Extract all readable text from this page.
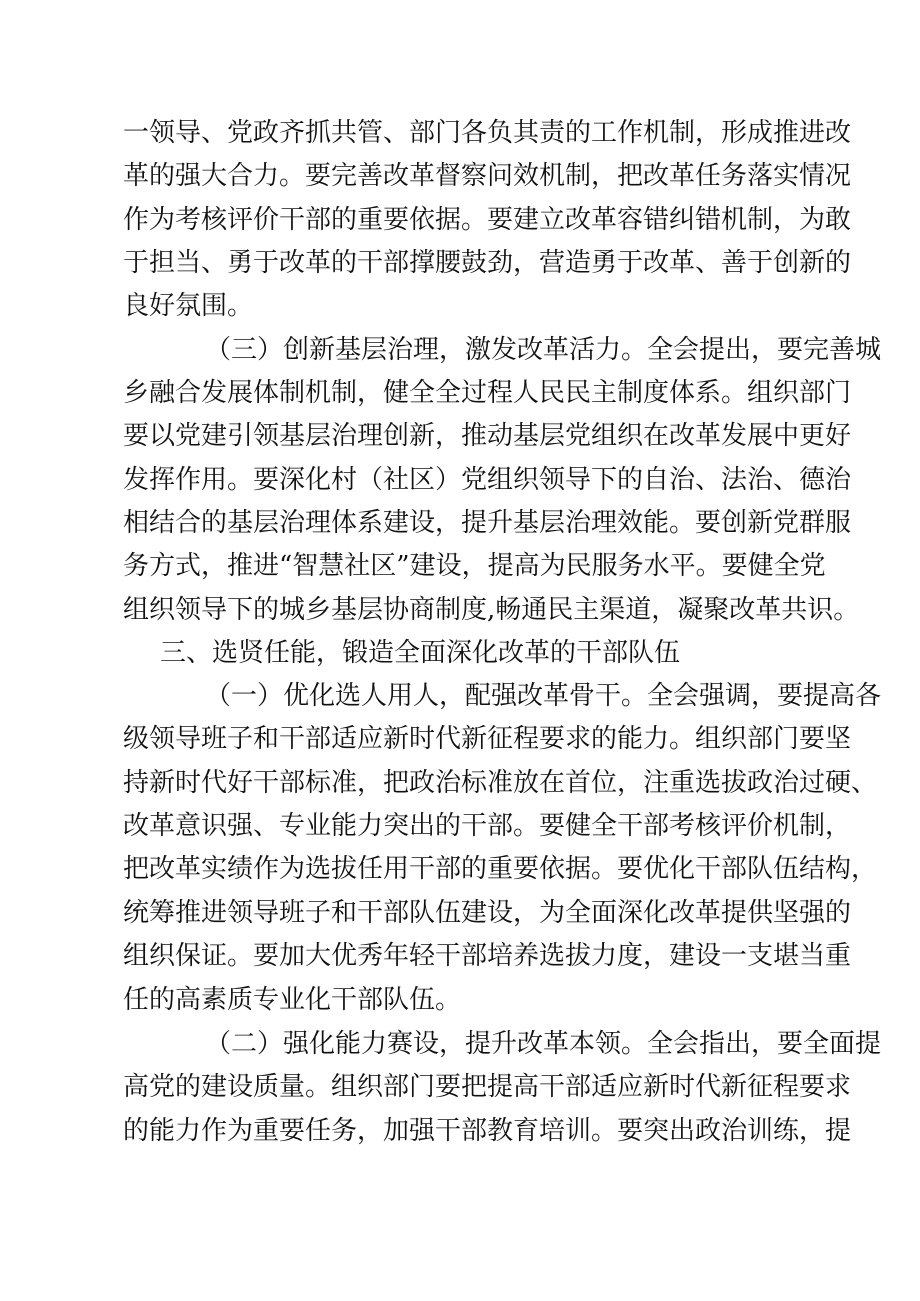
一领导、党政齐抓共管、部门各负其责的工作机制，形成推进改
革的强大合力。要完善改革督察问效机制，把改革任务落实情况
作为考核评价干部的重要依据。要建立改革容错纠错机制，为敢
于担当、勇于改革的干部撑腰鼓劲，营造勇于改革、善于创新的
良好氛围。
（三）创新基层治理，激发改革活力。全会提出，要完善城
乡融合发展体制机制，健全全过程人民民主制度体系。组织部门
要以党建引领基层治理创新，推动基层党组织在改革发展中更好
发挥作用。要深化村（社区）党组织领导下的自治、法治、德治
相结合的基层治理体系建设，提升基层治理效能。要创新党群服
务方式，推进“智慧社区”建设，提高为民服务水平。要健全党
组织领导下的城乡基层协商制度,畅通民主渠道，凝聚改革共识。
三、选贤任能，锻造全面深化改革的干部队伍
（一）优化选人用人，配强改革骨干。全会强调，要提高各
级领导班子和干部适应新时代新征程要求的能力。组织部门要坚
持新时代好干部标准，把政治标准放在首位，注重选拔政治过硬、
改革意识强、专业能力突出的干部。要健全干部考核评价机制，
把改革实绩作为选拔任用干部的重要依据。要优化干部队伍结构，
统筹推进领导班子和干部队伍建设，为全面深化改革提供坚强的
组织保证。要加大优秀年轻干部培养选拔力度，建设一支堪当重
任的高素质专业化干部队伍。
（二）强化能力赛设，提升改革本领。全会指出，要全面提
高党的建设质量。组织部门要把提高干部适应新时代新征程要求
的能力作为重要任务，加强干部教育培训。要突出政治训练，提
